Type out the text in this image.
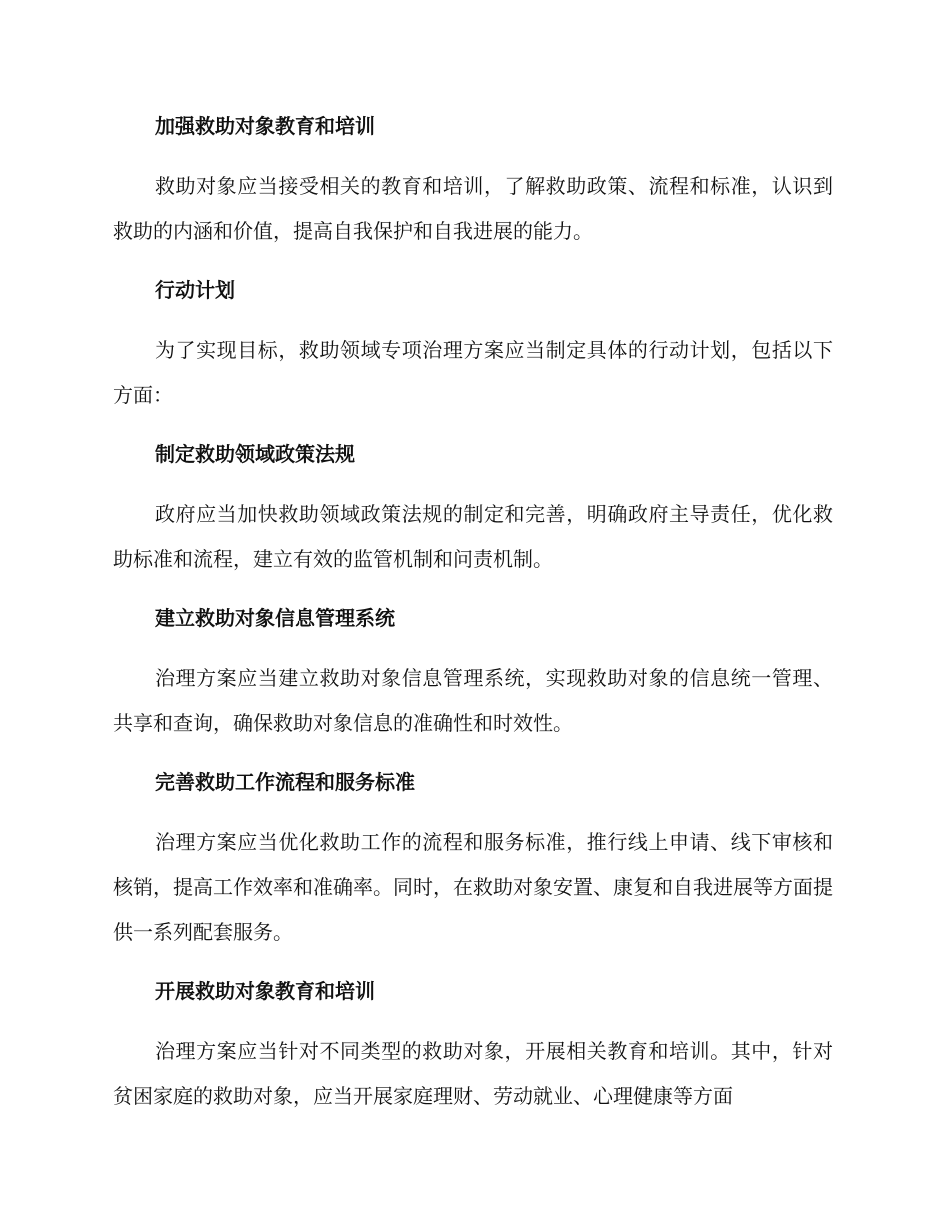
加强救助对象教育和培训

救助对象应当接受相关的教育和培训，了解救助政策、流程和标准，认识到救助的内涵和价值，提高自我保护和自我进展的能力。

行动计划

为了实现目标，救助领域专项治理方案应当制定具体的行动计划，包括以下方面：

制定救助领域政策法规

政府应当加快救助领域政策法规的制定和完善，明确政府主导责任，优化救助标准和流程，建立有效的监管机制和问责机制。

建立救助对象信息管理系统

治理方案应当建立救助对象信息管理系统，实现救助对象的信息统一管理、共享和查询，确保救助对象信息的准确性和时效性。

完善救助工作流程和服务标准

治理方案应当优化救助工作的流程和服务标准，推行线上申请、线下审核和核销，提高工作效率和准确率。同时，在救助对象安置、康复和自我进展等方面提供一系列配套服务。

开展救助对象教育和培训

治理方案应当针对不同类型的救助对象，开展相关教育和培训。其中，针对贫困家庭的救助对象，应当开展家庭理财、劳动就业、心理健康等方面
